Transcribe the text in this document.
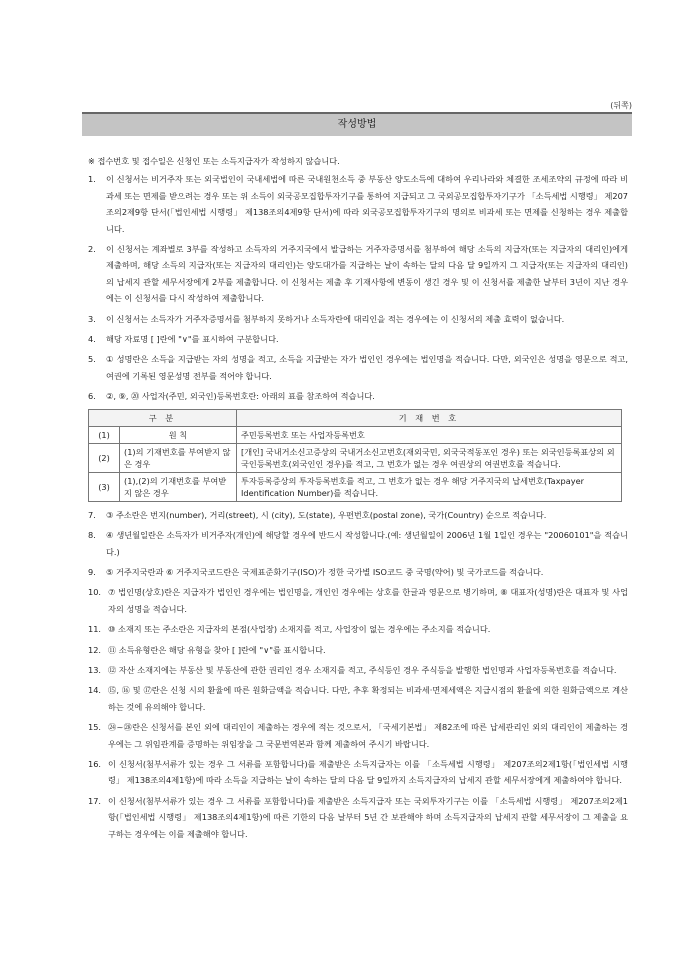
(뒤쪽)
작성방법
※ 접수번호 및 접수일은 신청인 또는 소득지급자가 작성하지 않습니다.
1.	이 신청서는 비거주자 또는 외국법인이 국내세법에 따른 국내원천소득 중 부동산 양도소득에 대하여 우리나라와 체결한 조세조약의 규정에 따라 비과세 또는 면제를 받으려는 경우 또는 위 소득이 외국공모집합투자기구를 통하여 지급되고 그 국외공모집합투자기구가 「소득세법 시행령」 제207조의2제9항 단서(「법인세법 시행령」 제138조의4제9항 단서)에 따라 외국공모집합투자기구의 명의로 비과세 또는 면제를 신청하는 경우 제출합니다.
2.	이 신청서는 계좌별로 3부를 작성하고 소득자의 거주지국에서 발급하는 거주자증명서를 첨부하여 해당 소득의 지급자(또는 지급자의 대리인)에게 제출하며, 해당 소득의 지급자(또는 지급자의 대리인)는 양도대가를 지급하는 날이 속하는 달의 다음 달 9일까지 그 지급자(또는 지급자의 대리인)의 납세지 관할 세무서장에게 2부를 제출합니다. 이 신청서는 제출 후 기재사항에 변동이 생긴 경우 및 이 신청서를 제출한 날부터 3년이 지난 경우에는 이 신청서를 다시 작성하여 제출합니다.
3.	이 신청서는 소득자가 거주자증명서를 첨부하지 못하거나 소득자란에 대리인을 적는 경우에는 이 신청서의 제출 효력이 없습니다.
4.	해당 자료명 [ ]란에 "∨"를 표시하여 구분합니다.
5.	① 성명란은 소득을 지급받는 자의 성명을 적고, 소득을 지급받는 자가 법인인 경우에는 법인명을 적습니다. 다만, 외국인은 성명을 영문으로 적고, 여권에 기록된 영문성명 전부를 적어야 합니다.
6.	②, ⑨, ⑳ 사업자(주민, 외국인)등록번호란: 아래의 표를 참조하여 적습니다.
구 분		기 재 번 호
(1)	원 칙	주민등록번호 또는 사업자등록번호
(2)	(1)의 기재번호를 부여받지 않은 경우	[개인] 국내거소신고증상의 국내거소신고번호(재외국민, 외국국적동포인 경우) 또는 외국인등록표상의 외국인등록번호(외국인인 경우)를 적고, 그 번호가 없는 경우 여권상의 여권번호를 적습니다.
(3)	(1),(2)의 기재번호를 부여받지 않은 경우	투자등록증상의 투자등록번호를 적고, 그 번호가 없는 경우 해당 거주지국의 납세번호(Taxpayer Identification Number)를 적습니다.
7.	③ 주소란은 번지(number), 거리(street), 시 (city), 도(state), 우편번호(postal zone), 국가(Country) 순으로 적습니다.
8.	④ 생년월일란은 소득자가 비거주자(개인)에 해당할 경우에 반드시 작성합니다.(예: 생년월일이 2006년 1월 1일인 경우는 "20060101"을 적습니다.)
9.	⑤ 거주지국란과 ⑥ 거주지국코드란은 국제표준화기구(ISO)가 정한 국가별 ISO코드 중 국명(약어) 및 국가코드를 적습니다.
10. ⑦ 법인명(상호)란은 지급자가 법인인 경우에는 법인명을, 개인인 경우에는 상호를 한글과 영문으로 병기하며, ⑧ 대표자(성명)란은 대표자 및 사업자의 성명을 적습니다.
11. ⑩ 소재지 또는 주소란은 지급자의 본점(사업장) 소재지를 적고, 사업장이 없는 경우에는 주소지를 적습니다.
12. ⑪ 소득유형란은 해당 유형을 찾아 [ ]란에 "∨"를 표시합니다.
13. ⑫ 자산 소재지에는 부동산 및 부동산에 관한 권리인 경우 소재지를 적고, 주식등인 경우 주식등을 발행한 법인명과 사업자등록번호를 적습니다.
14. ⑮, ⑯ 및 ⑰란은 신청 시의 환율에 따른 원화금액을 적습니다. 다만, 추후 확정되는 비과세·면제세액은 지급시점의 환율에 의한 원화금액으로 계산하는 것에 유의해야 합니다.
15. ㉔~㉘란은 신청서를 본인 외에 대리인이 제출하는 경우에 적는 것으로서, 「국세기본법」 제82조에 따른 납세관리인 외의 대리인이 제출하는 경우에는 그 위임관계를 증명하는 위임장을 그 국문번역본과 함께 제출하여 주시기 바랍니다.
16. 이 신청서(첨부서류가 있는 경우 그 서류를 포함합니다)를 제출받은 소득지급자는 이를 「소득세법 시행령」 제207조의2제1항(「법인세법 시행령」 제138조의4제1항)에 따라 소득을 지급하는 날이 속하는 달의 다음 달 9일까지 소득지급자의 납세지 관할 세무서장에게 제출하여야 합니다.
17. 이 신청서(첨부서류가 있는 경우 그 서류를 포함합니다)를 제출받은 소득지급자 또는 국외투자기구는 이를 「소득세법 시행령」 제207조의2제1항(「법인세법 시행령」 제138조의4제1항)에 따른 기한의 다음 날부터 5년 간 보관해야 하며 소득지급자의 납세지 관할 세무서장이 그 제출을 요구하는 경우에는 이를 제출해야 합니다.
